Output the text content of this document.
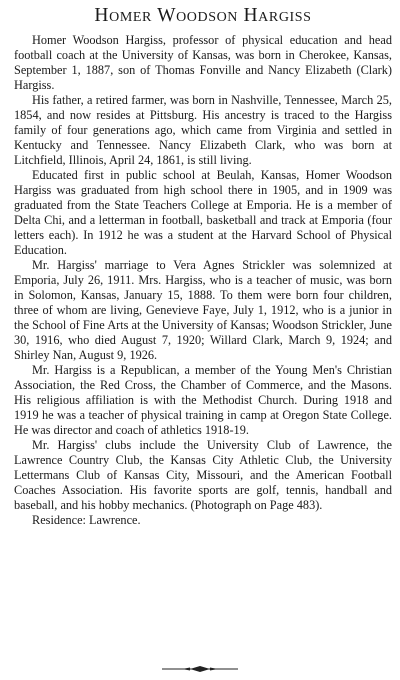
Homer Woodson Hargiss

Homer Woodson Hargiss, professor of physical education and head football coach at the University of Kansas, was born in Cherokee, Kansas, September 1, 1887, son of Thomas Fonville and Nancy Elizabeth (Clark) Hargiss.

His father, a retired farmer, was born in Nashville, Tennessee, March 25, 1854, and now resides at Pittsburg. His ancestry is traced to the Hargiss family of four generations ago, which came from Virginia and settled in Kentucky and Tennessee. Nancy Elizabeth Clark, who was born at Litchfield, Illinois, April 24, 1861, is still living.

Educated first in public school at Beulah, Kansas, Homer Woodson Hargiss was graduated from high school there in 1905, and in 1909 was graduated from the State Teachers College at Emporia. He is a member of Delta Chi, and a letterman in football, basketball and track at Emporia (four letters each). In 1912 he was a student at the Harvard School of Physical Education.

Mr. Hargiss' marriage to Vera Agnes Strickler was solemnized at Emporia, July 26, 1911. Mrs. Hargiss, who is a teacher of music, was born in Solomon, Kansas, January 15, 1888. To them were born four children, three of whom are living, Genevieve Faye, July 1, 1912, who is a junior in the School of Fine Arts at the University of Kansas; Woodson Strickler, June 30, 1916, who died August 7, 1920; Willard Clark, March 9, 1924; and Shirley Nan, August 9, 1926.

Mr. Hargiss is a Republican, a member of the Young Men's Christian Association, the Red Cross, the Chamber of Commerce, and the Masons. His religious affiliation is with the Methodist Church. During 1918 and 1919 he was a teacher of physical training in camp at Oregon State College. He was director and coach of athletics 1918-19.

Mr. Hargiss' clubs include the University Club of Lawrence, the Lawrence Country Club, the Kansas City Athletic Club, the University Lettermans Club of Kansas City, Missouri, and the American Football Coaches Association. His favorite sports are golf, tennis, handball and baseball, and his hobby mechanics. (Photograph on Page 483).

Residence: Lawrence.
